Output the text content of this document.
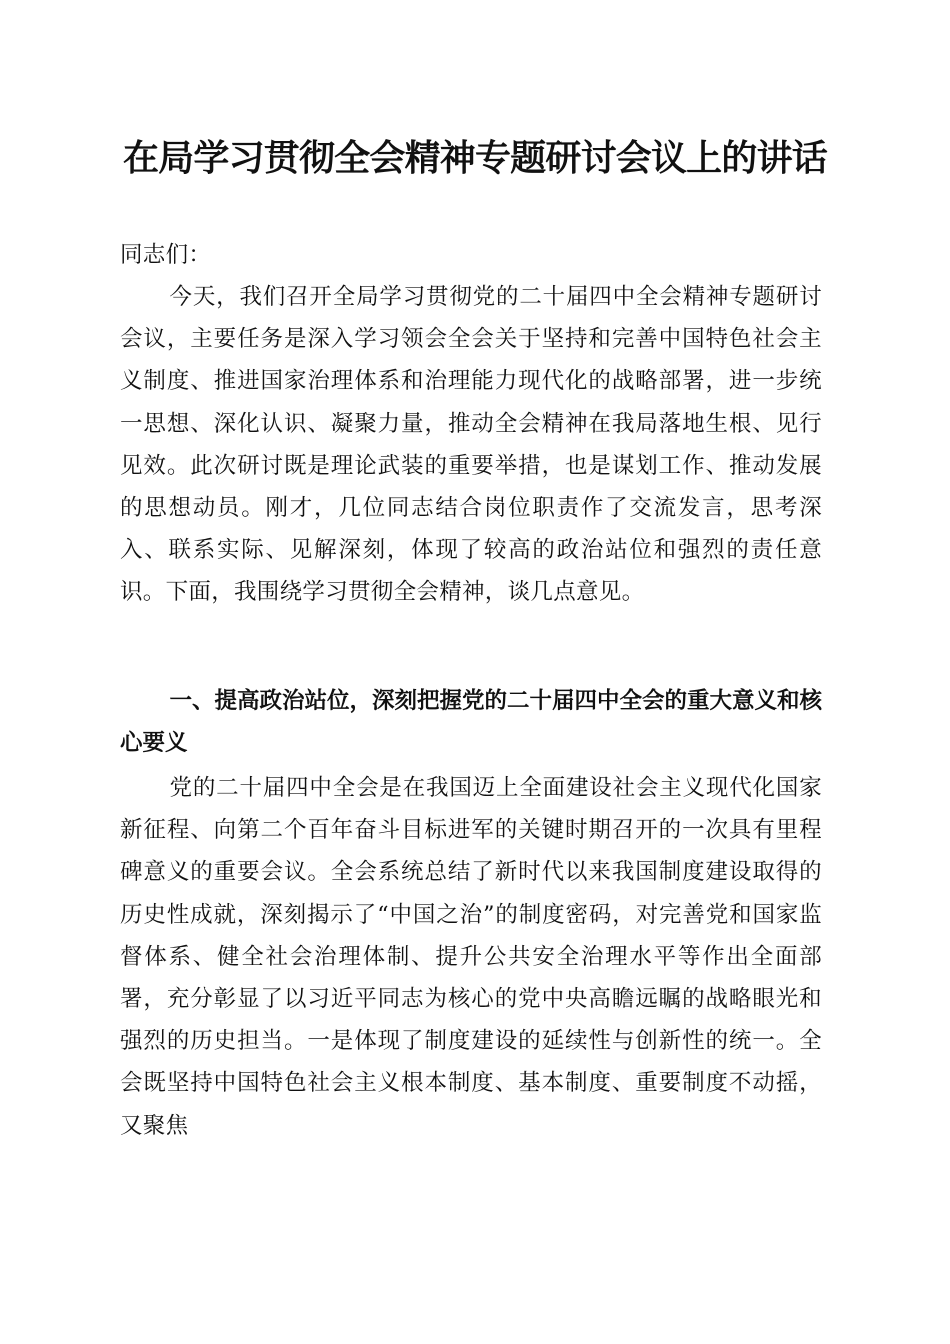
在局学习贯彻全会精神专题研讨会议上的讲话

同志们：

今天，我们召开全局学习贯彻党的二十届四中全会精神专题研讨会议，主要任务是深入学习领会全会关于坚持和完善中国特色社会主义制度、推进国家治理体系和治理能力现代化的战略部署，进一步统一思想、深化认识、凝聚力量，推动全会精神在我局落地生根、见行见效。此次研讨既是理论武装的重要举措，也是谋划工作、推动发展的思想动员。刚才，几位同志结合岗位职责作了交流发言，思考深入、联系实际、见解深刻，体现了较高的政治站位和强烈的责任意识。下面，我围绕学习贯彻全会精神，谈几点意见。

一、提高政治站位，深刻把握党的二十届四中全会的重大意义和核心要义

党的二十届四中全会是在我国迈上全面建设社会主义现代化国家新征程、向第二个百年奋斗目标进军的关键时期召开的一次具有里程碑意义的重要会议。全会系统总结了新时代以来我国制度建设取得的历史性成就，深刻揭示了“中国之治”的制度密码，对完善党和国家监督体系、健全社会治理体制、提升公共安全治理水平等作出全面部署，充分彰显了以习近平同志为核心的党中央高瞻远瞩的战略眼光和强烈的历史担当。一是体现了制度建设的延续性与创新性的统一。全会既坚持中国特色社会主义根本制度、基本制度、重要制度不动摇，又聚焦
